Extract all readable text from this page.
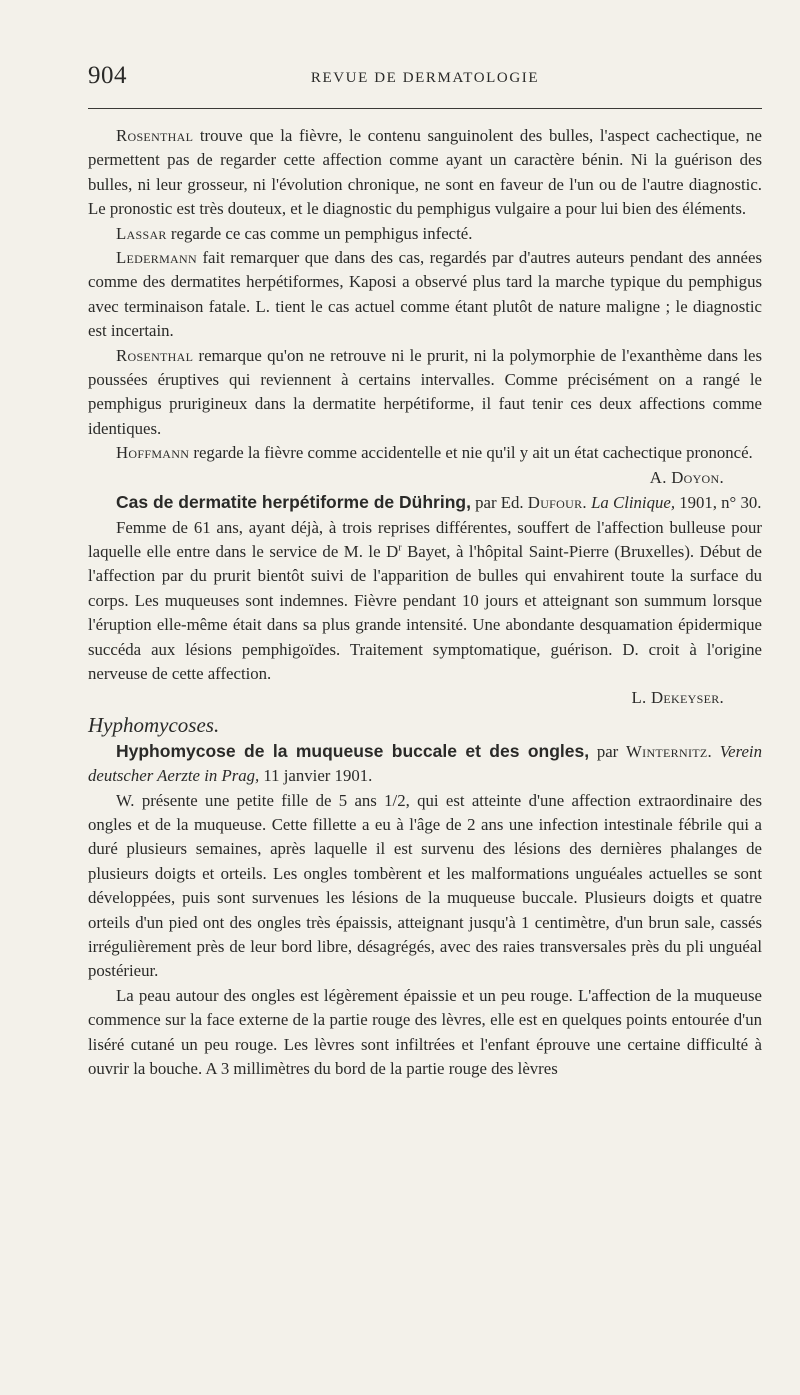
904	REVUE DE DERMATOLOGIE

Rosenthal trouve que la fièvre, le contenu sanguinolent des bulles, l'aspect cachectique, ne permettent pas de regarder cette affection comme ayant un caractère bénin. Ni la guérison des bulles, ni leur grosseur, ni l'évolution chronique, ne sont en faveur de l'un ou de l'autre diagnostic. Le pronostic est très douteux, et le diagnostic du pemphigus vulgaire a pour lui bien des éléments.

Lassar regarde ce cas comme un pemphigus infecté.

Ledermann fait remarquer que dans des cas, regardés par d'autres auteurs pendant des années comme des dermatites herpétiformes, Kaposi a observé plus tard la marche typique du pemphigus avec terminaison fatale. L. tient le cas actuel comme étant plutôt de nature maligne ; le diagnostic est incertain.

Rosenthal remarque qu'on ne retrouve ni le prurit, ni la polymorphie de l'exanthème dans les poussées éruptives qui reviennent à certains intervalles. Comme précisément on a rangé le pemphigus prurigineux dans la dermatite herpétiforme, il faut tenir ces deux affections comme identiques.

Hoffmann regarde la fièvre comme accidentelle et nie qu'il y ait un état cachectique prononcé.

A. Doyon.

Cas de dermatite herpétiforme de Dühring, par Ed. Dufour. La Clinique, 1901, n° 30.

Femme de 61 ans, ayant déjà, à trois reprises différentes, souffert de l'affection bulleuse pour laquelle elle entre dans le service de M. le $D^r$ Bayet, à l'hôpital Saint-Pierre (Bruxelles). Début de l'affection par du prurit bientôt suivi de l'apparition de bulles qui envahirent toute la surface du corps. Les muqueuses sont indemnes. Fièvre pendant 10 jours et atteignant son summum lorsque l'éruption elle-même était dans sa plus grande intensité. Une abondante desquamation épidermique succéda aux lésions pemphigoïdes. Traitement symptomatique, guérison. D. croit à l'origine nerveuse de cette affection.

L. Dekeyser.

Hyphomycoses.

Hyphomycose de la muqueuse buccale et des ongles, par Winternitz. Verein deutscher Aerzte in Prag, 11 janvier 1901.

W. présente une petite fille de 5 ans 1/2, qui est atteinte d'une affection extraordinaire des ongles et de la muqueuse. Cette fillette a eu à l'âge de 2 ans une infection intestinale fébrile qui a duré plusieurs semaines, après laquelle il est survenu des lésions des dernières phalanges de plusieurs doigts et orteils. Les ongles tombèrent et les malformations unguéales actuelles se sont développées, puis sont survenues les lésions de la muqueuse buccale. Plusieurs doigts et quatre orteils d'un pied ont des ongles très épaissis, atteignant jusqu'à 1 centimètre, d'un brun sale, cassés irrégulièrement près de leur bord libre, désagrégés, avec des raies transversales près du pli unguéal postérieur.

La peau autour des ongles est légèrement épaissie et un peu rouge. L'affection de la muqueuse commence sur la face externe de la partie rouge des lèvres, elle est en quelques points entourée d'un liséré cutané un peu rouge. Les lèvres sont infiltrées et l'enfant éprouve une certaine difficulté à ouvrir la bouche. A 3 millimètres du bord de la partie rouge des lèvres
